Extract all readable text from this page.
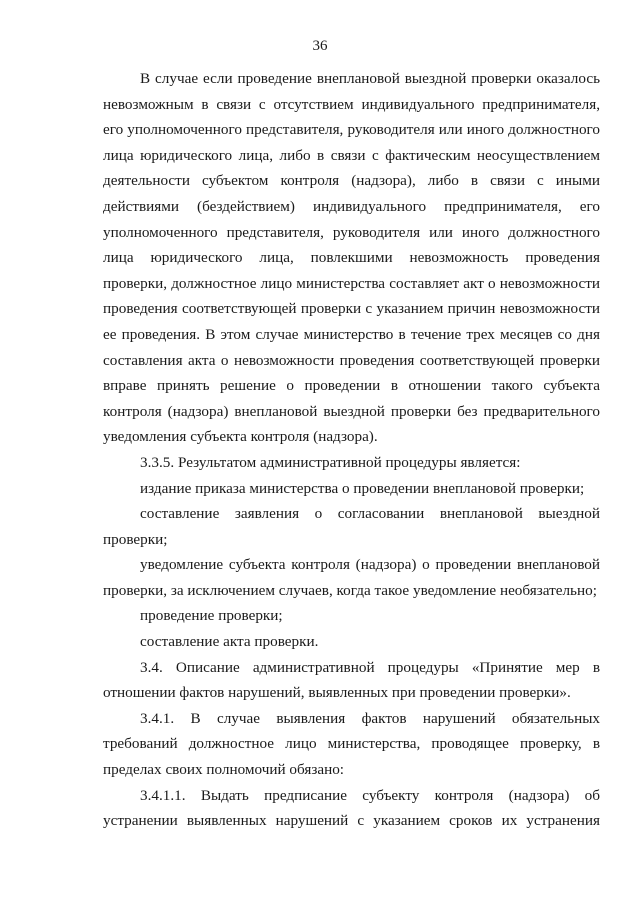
36

В случае если проведение внеплановой выездной проверки оказалось невозможным в связи с отсутствием индивидуального предпринимателя, его уполномоченного представителя, руководителя или иного должностного лица юридического лица, либо в связи с фактическим неосуществлением деятельности субъектом контроля (надзора), либо в связи с иными действиями (бездействием) индивидуального предпринимателя, его уполномоченного представителя, руководителя или иного должностного лица юридического лица, повлекшими невозможность проведения проверки, должностное лицо министерства составляет акт о невозможности проведения соответствующей проверки с указанием причин невозможности ее проведения. В этом случае министерство в течение трех месяцев со дня составления акта о невозможности проведения соответствующей проверки вправе принять решение о проведении в отношении такого субъекта контроля (надзора) внеплановой выездной проверки без предварительного уведомления субъекта контроля (надзора).

3.3.5. Результатом административной процедуры является:

издание приказа министерства о проведении внеплановой проверки;

составление заявления о согласовании внеплановой выездной проверки;

уведомление субъекта контроля (надзора) о проведении внеплановой проверки, за исключением случаев, когда такое уведомление необязательно;

проведение проверки;

составление акта проверки.

3.4. Описание административной процедуры «Принятие мер в отношении фактов нарушений, выявленных при проведении проверки».

3.4.1. В случае выявления фактов нарушений обязательных требований должностное лицо министерства, проводящее проверку, в пределах своих полномочий обязано:

3.4.1.1. Выдать предписание субъекту контроля (надзора) об устранении выявленных нарушений с указанием сроков их устранения
